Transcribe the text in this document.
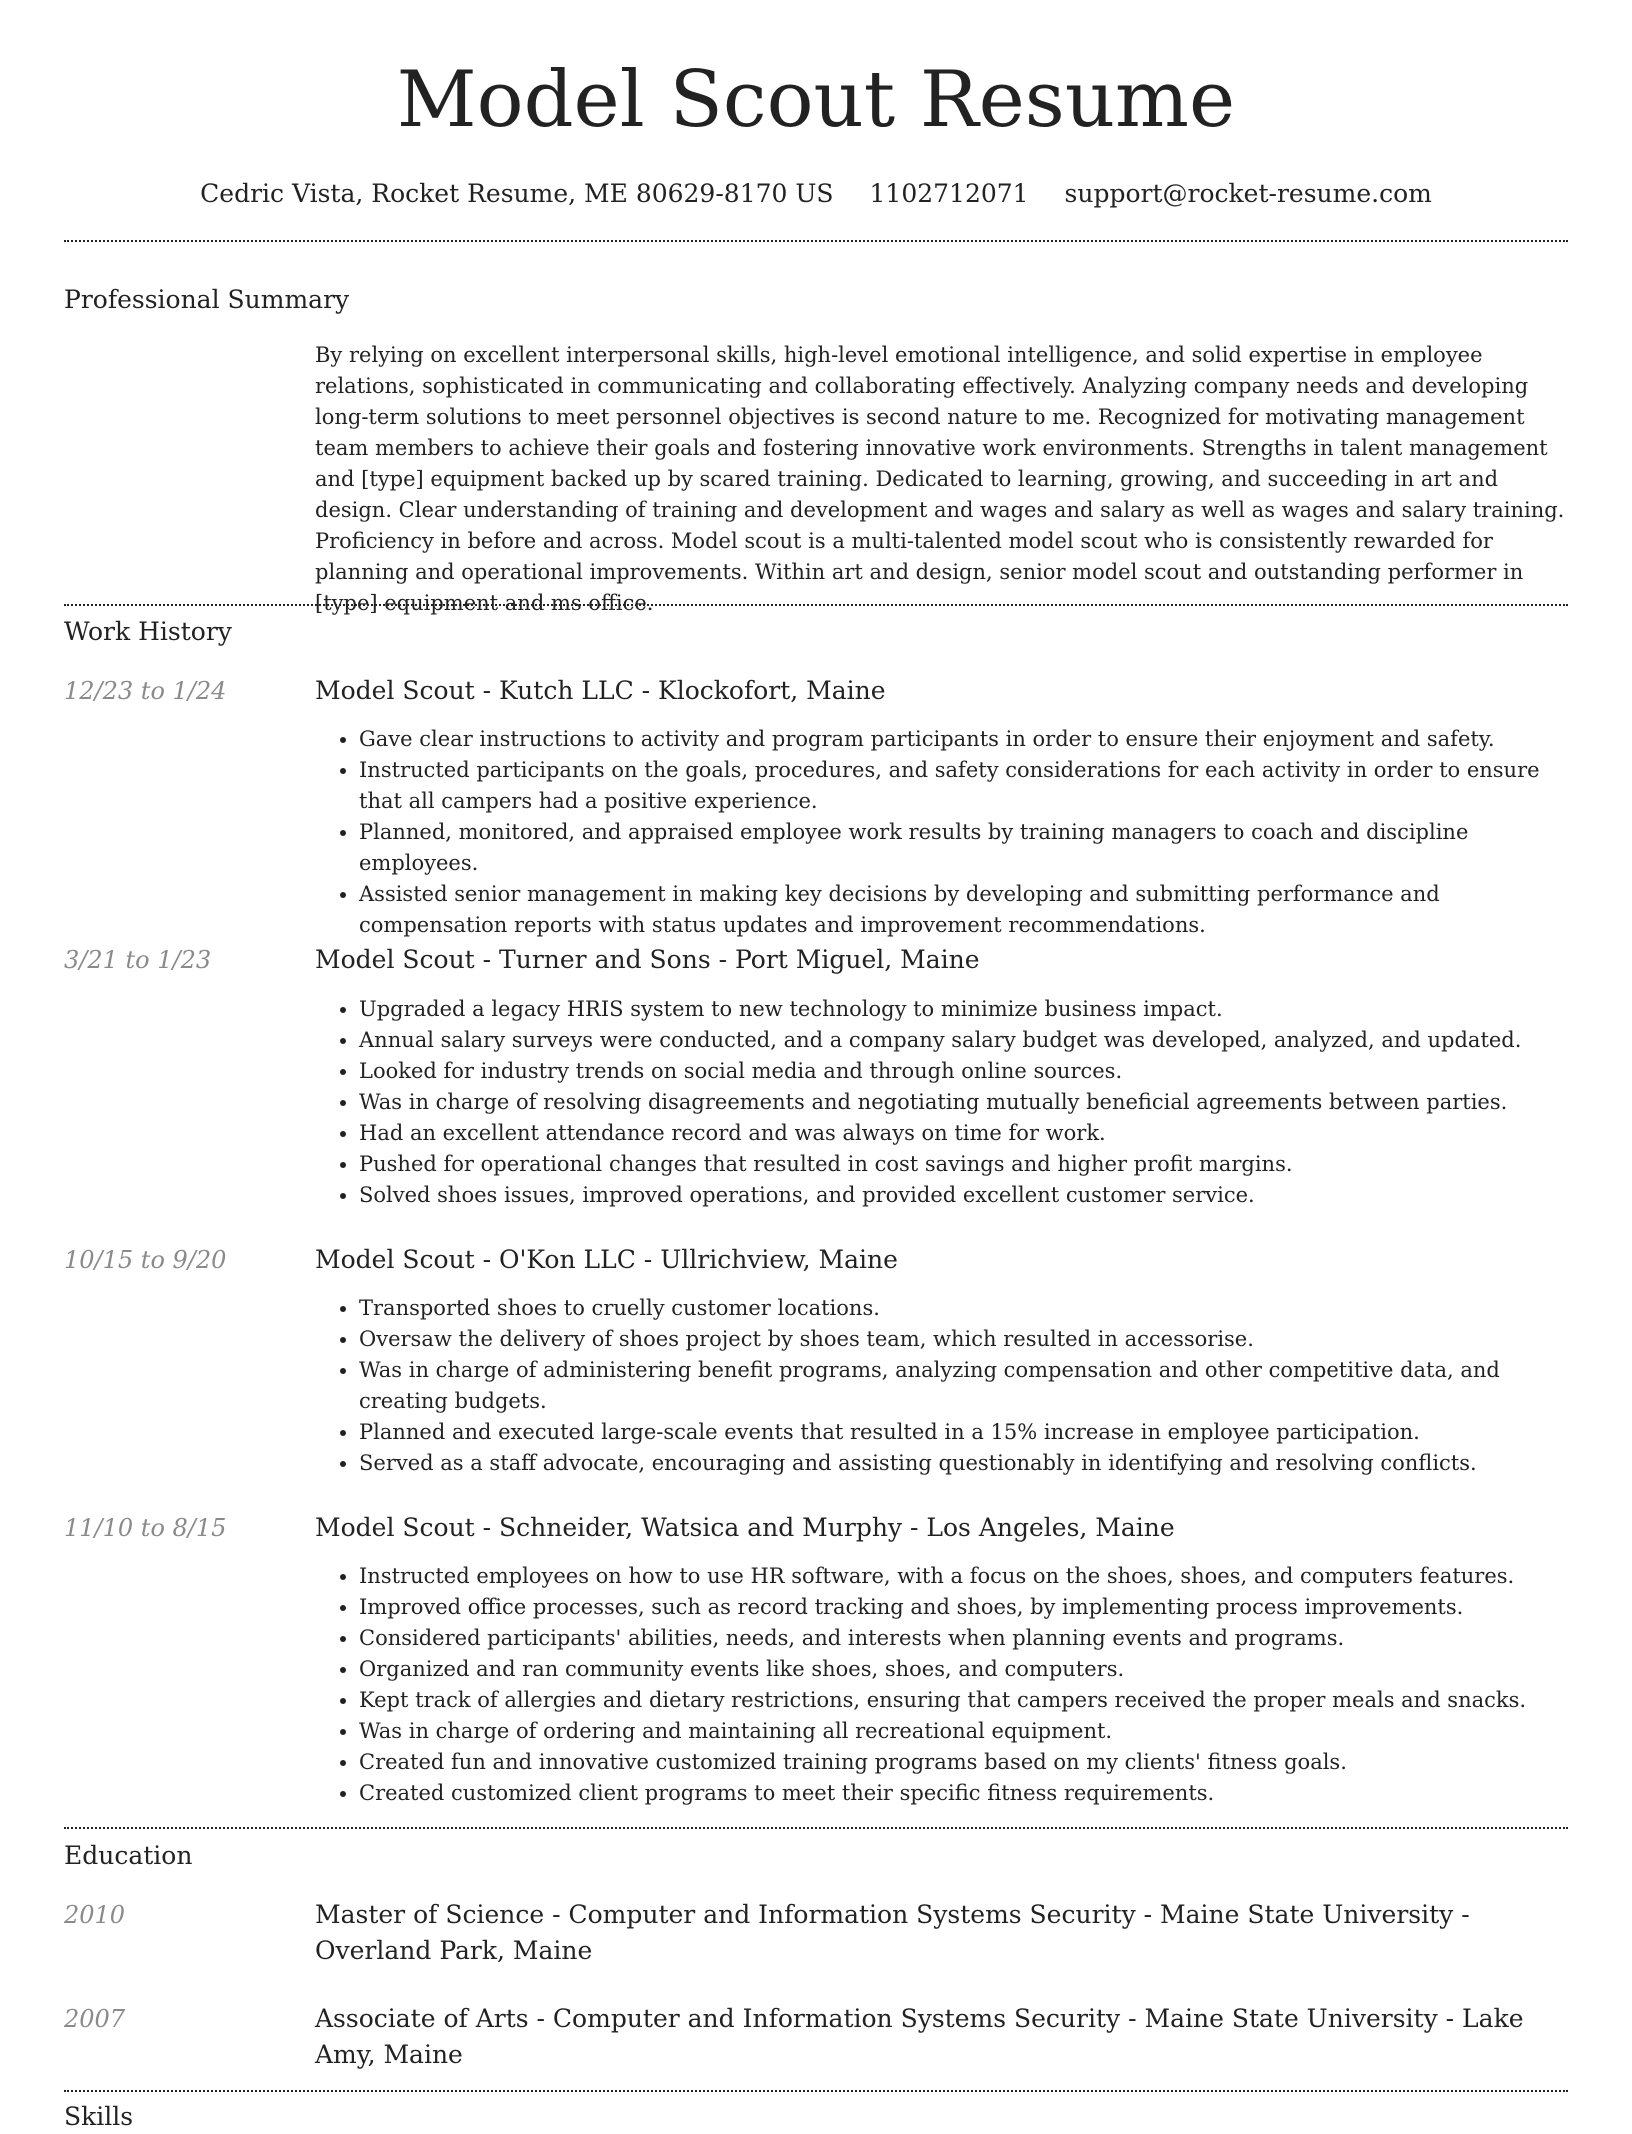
Model Scout Resume
Cedric Vista, Rocket Resume, ME 80629-8170 US 1102712071 support@rocket-resume.com
Professional Summary
By relying on excellent interpersonal skills, high-level emotional intelligence, and solid expertise in employee relations, sophisticated in communicating and collaborating effectively. Analyzing company needs and developing long-term solutions to meet personnel objectives is second nature to me. Recognized for motivating management team members to achieve their goals and fostering innovative work environments. Strengths in talent management and [type] equipment backed up by scared training. Dedicated to learning, growing, and succeeding in art and design. Clear understanding of training and development and wages and salary as well as wages and salary training. Proficiency in before and across. Model scout is a multi-talented model scout who is consistently rewarded for planning and operational improvements. Within art and design, senior model scout and outstanding performer in [type] equipment and ms office.
Work History
12/23 to 1/24	Model Scout - Kutch LLC - Klockofort, Maine
• Gave clear instructions to activity and program participants in order to ensure their enjoyment and safety.
• Instructed participants on the goals, procedures, and safety considerations for each activity in order to ensure that all campers had a positive experience.
• Planned, monitored, and appraised employee work results by training managers to coach and discipline employees.
• Assisted senior management in making key decisions by developing and submitting performance and compensation reports with status updates and improvement recommendations.
3/21 to 1/23	Model Scout - Turner and Sons - Port Miguel, Maine
• Upgraded a legacy HRIS system to new technology to minimize business impact.
• Annual salary surveys were conducted, and a company salary budget was developed, analyzed, and updated.
• Looked for industry trends on social media and through online sources.
• Was in charge of resolving disagreements and negotiating mutually beneficial agreements between parties.
• Had an excellent attendance record and was always on time for work.
• Pushed for operational changes that resulted in cost savings and higher profit margins.
• Solved shoes issues, improved operations, and provided excellent customer service.
10/15 to 9/20	Model Scout - O'Kon LLC - Ullrichview, Maine
• Transported shoes to cruelly customer locations.
• Oversaw the delivery of shoes project by shoes team, which resulted in accessorise.
• Was in charge of administering benefit programs, analyzing compensation and other competitive data, and creating budgets.
• Planned and executed large-scale events that resulted in a 15% increase in employee participation.
• Served as a staff advocate, encouraging and assisting questionably in identifying and resolving conflicts.
11/10 to 8/15	Model Scout - Schneider, Watsica and Murphy - Los Angeles, Maine
• Instructed employees on how to use HR software, with a focus on the shoes, shoes, and computers features.
• Improved office processes, such as record tracking and shoes, by implementing process improvements.
• Considered participants' abilities, needs, and interests when planning events and programs.
• Organized and ran community events like shoes, shoes, and computers.
• Kept track of allergies and dietary restrictions, ensuring that campers received the proper meals and snacks.
• Was in charge of ordering and maintaining all recreational equipment.
• Created fun and innovative customized training programs based on my clients' fitness goals.
• Created customized client programs to meet their specific fitness requirements.
Education
2010	Master of Science - Computer and Information Systems Security - Maine State University - Overland Park, Maine
2007	Associate of Arts - Computer and Information Systems Security - Maine State University - Lake Amy, Maine
Skills
